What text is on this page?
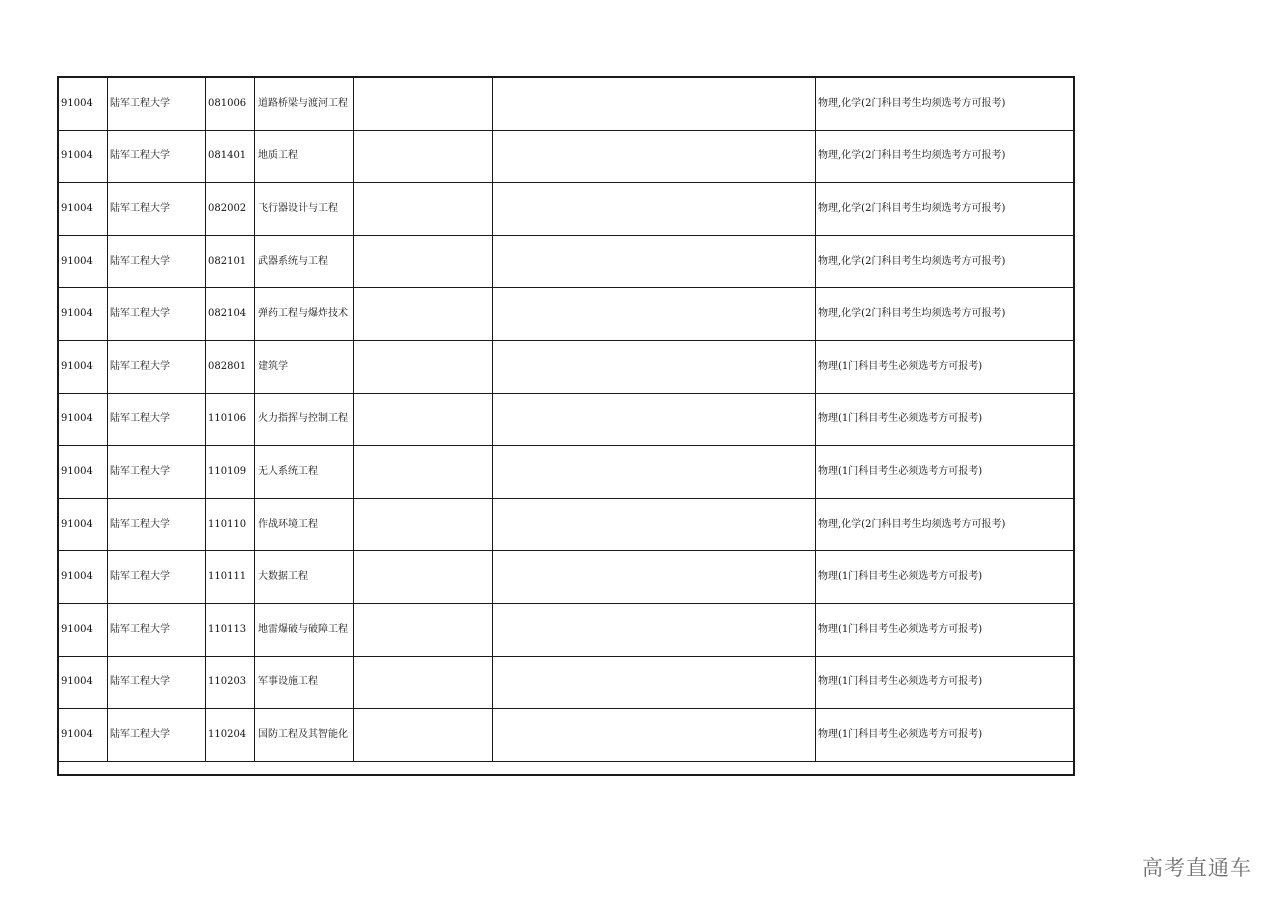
91004	陆军工程大学	081006	道路桥梁与渡河工程			物理,化学(2门科目考生均须选考方可报考)
91004	陆军工程大学	081401	地质工程			物理,化学(2门科目考生均须选考方可报考)
91004	陆军工程大学	082002	飞行器设计与工程			物理,化学(2门科目考生均须选考方可报考)
91004	陆军工程大学	082101	武器系统与工程			物理,化学(2门科目考生均须选考方可报考)
91004	陆军工程大学	082104	弹药工程与爆炸技术			物理,化学(2门科目考生均须选考方可报考)
91004	陆军工程大学	082801	建筑学			物理(1门科目考生必须选考方可报考)
91004	陆军工程大学	110106	火力指挥与控制工程			物理(1门科目考生必须选考方可报考)
91004	陆军工程大学	110109	无人系统工程			物理(1门科目考生必须选考方可报考)
91004	陆军工程大学	110110	作战环境工程			物理,化学(2门科目考生均须选考方可报考)
91004	陆军工程大学	110111	大数据工程			物理(1门科目考生必须选考方可报考)
91004	陆军工程大学	110113	地雷爆破与破障工程			物理(1门科目考生必须选考方可报考)
91004	陆军工程大学	110203	军事设施工程			物理(1门科目考生必须选考方可报考)
91004	陆军工程大学	110204	国防工程及其智能化			物理(1门科目考生必须选考方可报考)
高考直通车
